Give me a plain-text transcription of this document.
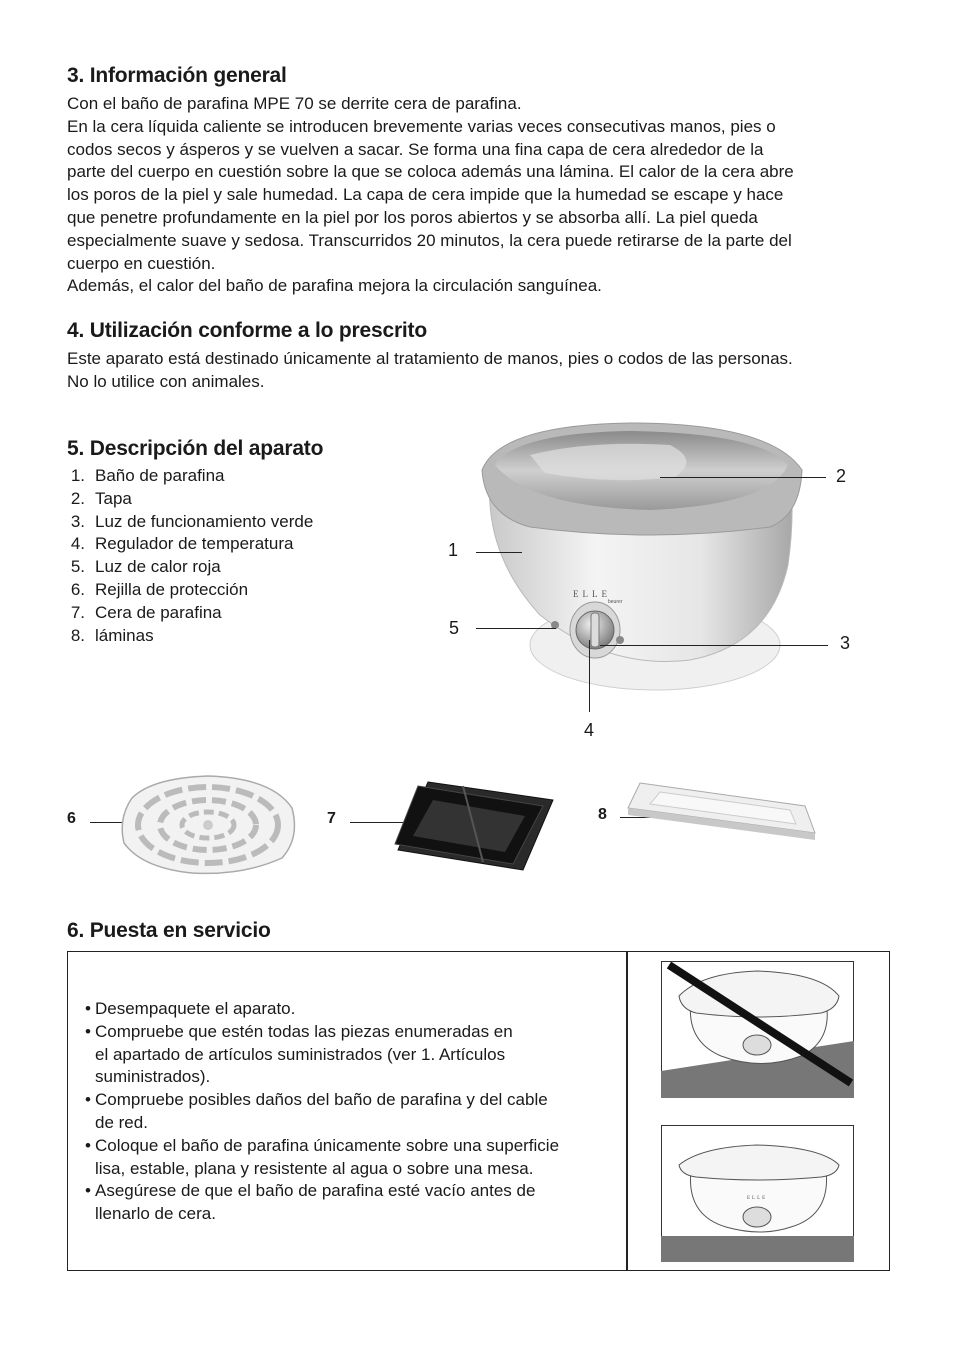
3. Información general
Con el baño de parafina MPE 70 se derrite cera de parafina.
En la cera líquida caliente se introducen brevemente varias veces consecutivas manos, pies o
codos secos y ásperos y se vuelven a sacar. Se forma una fina capa de cera alrededor de la
parte del cuerpo en cuestión sobre la que se coloca además una lámina. El calor de la cera abre
los poros de la piel y sale humedad. La capa de cera impide que la humedad se escape y hace
que penetre profundamente en la piel por los poros abiertos y se absorba allí. La piel queda
especialmente suave y sedosa. Transcurridos 20 minutos, la cera puede retirarse de la parte del
cuerpo en cuestión.
Además, el calor del baño de parafina mejora la circulación sanguínea.
4. Utilización conforme a lo prescrito
Este aparato está destinado únicamente al tratamiento de manos, pies o codos de las personas.
No lo utilice con animales.
5. Descripción del aparato
1. Baño de parafina
2. Tapa
3. Luz de funcionamiento verde
4. Regulador de temperatura
5. Luz de calor roja
6. Rejilla de protección
7. Cera de parafina
8. láminas
ELLE
beurer
2
1
5
3
4
6	7	8
6. Puesta en servicio
• Desempaquete el aparato.
• Compruebe que estén todas las piezas enumeradas en
el apartado de artículos suministrados (ver 1. Artículos
suministrados).
• Compruebe posibles daños del baño de parafina y del cable
de red.
• Coloque el baño de parafina únicamente sobre una superficie
lisa, estable, plana y resistente al agua o sobre una mesa.
• Asegúrese de que el baño de parafina esté vacío antes de
llenarlo de cera.
ELLE
